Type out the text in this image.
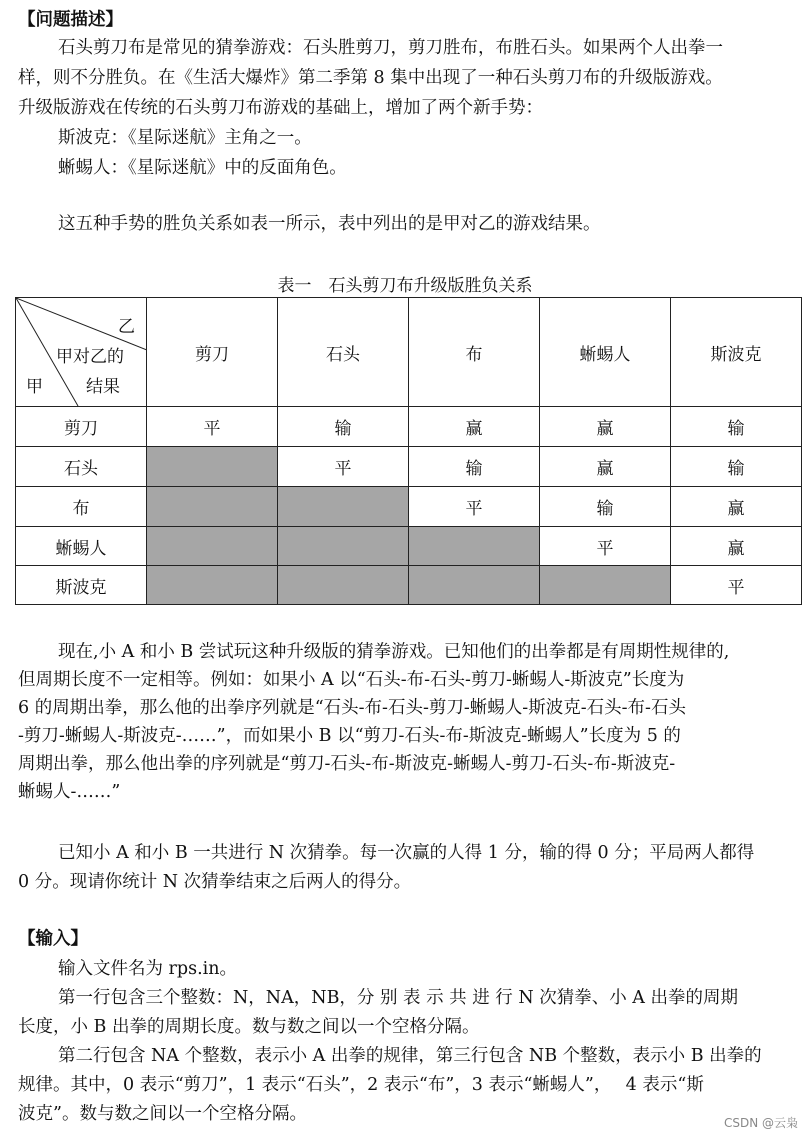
【问题描述】
石头剪刀布是常见的猜拳游戏：石头胜剪刀，剪刀胜布，布胜石头。如果两个人出拳一
样，则不分胜负。在《生活大爆炸》第二季第 8 集中出现了一种石头剪刀布的升级版游戏。
升级版游戏在传统的石头剪刀布游戏的基础上，增加了两个新手势：
斯波克：《星际迷航》主角之一。
蜥蜴人：《星际迷航》中的反面角色。
这五种手势的胜负关系如表一所示，表中列出的是甲对乙的游戏结果。
表一　石头剪刀布升级版胜负关系
乙
甲对乙的
结果
甲	剪刀	石头	布	蜥蜴人	斯波克
剪刀	平	输	赢	赢	输
石头		平	输	赢	输
布			平	输	赢
蜥蜴人				平	赢
斯波克					平
现在,小 A 和小 B 尝试玩这种升级版的猜拳游戏。已知他们的出拳都是有周期性规律的,
但周期长度不一定相等。例如：如果小 A 以“石头-布-石头-剪刀-蜥蜴人-斯波克”长度为
6 的周期出拳，那么他的出拳序列就是“石头-布-石头-剪刀-蜥蜴人-斯波克-石头-布-石头
-剪刀-蜥蜴人-斯波克-……”，而如果小 B 以“剪刀-石头-布-斯波克-蜥蜴人”长度为 5 的
周期出拳，那么他出拳的序列就是“剪刀-石头-布-斯波克-蜥蜴人-剪刀-石头-布-斯波克-
蜥蜴人-……”
已知小 A 和小 B 一共进行 N 次猜拳。每一次赢的人得 1 分，输的得 0 分；平局两人都得
0 分。现请你统计 N 次猜拳结束之后两人的得分。
【输入】
输入文件名为 rps.in。
第一行包含三个整数：N，NA，NB，分 别 表 示 共 进 行 N 次猜拳、小 A 出拳的周期
长度，小 B 出拳的周期长度。数与数之间以一个空格分隔。
第二行包含 NA 个整数，表示小 A 出拳的规律，第三行包含 NB 个整数，表示小 B 出拳的
规律。其中，0 表示“剪刀”，1 表示“石头”，2 表示“布”，3 表示“蜥蜴人”，　 4 表示“斯
波克”。数与数之间以一个空格分隔。	CSDN @云枭
